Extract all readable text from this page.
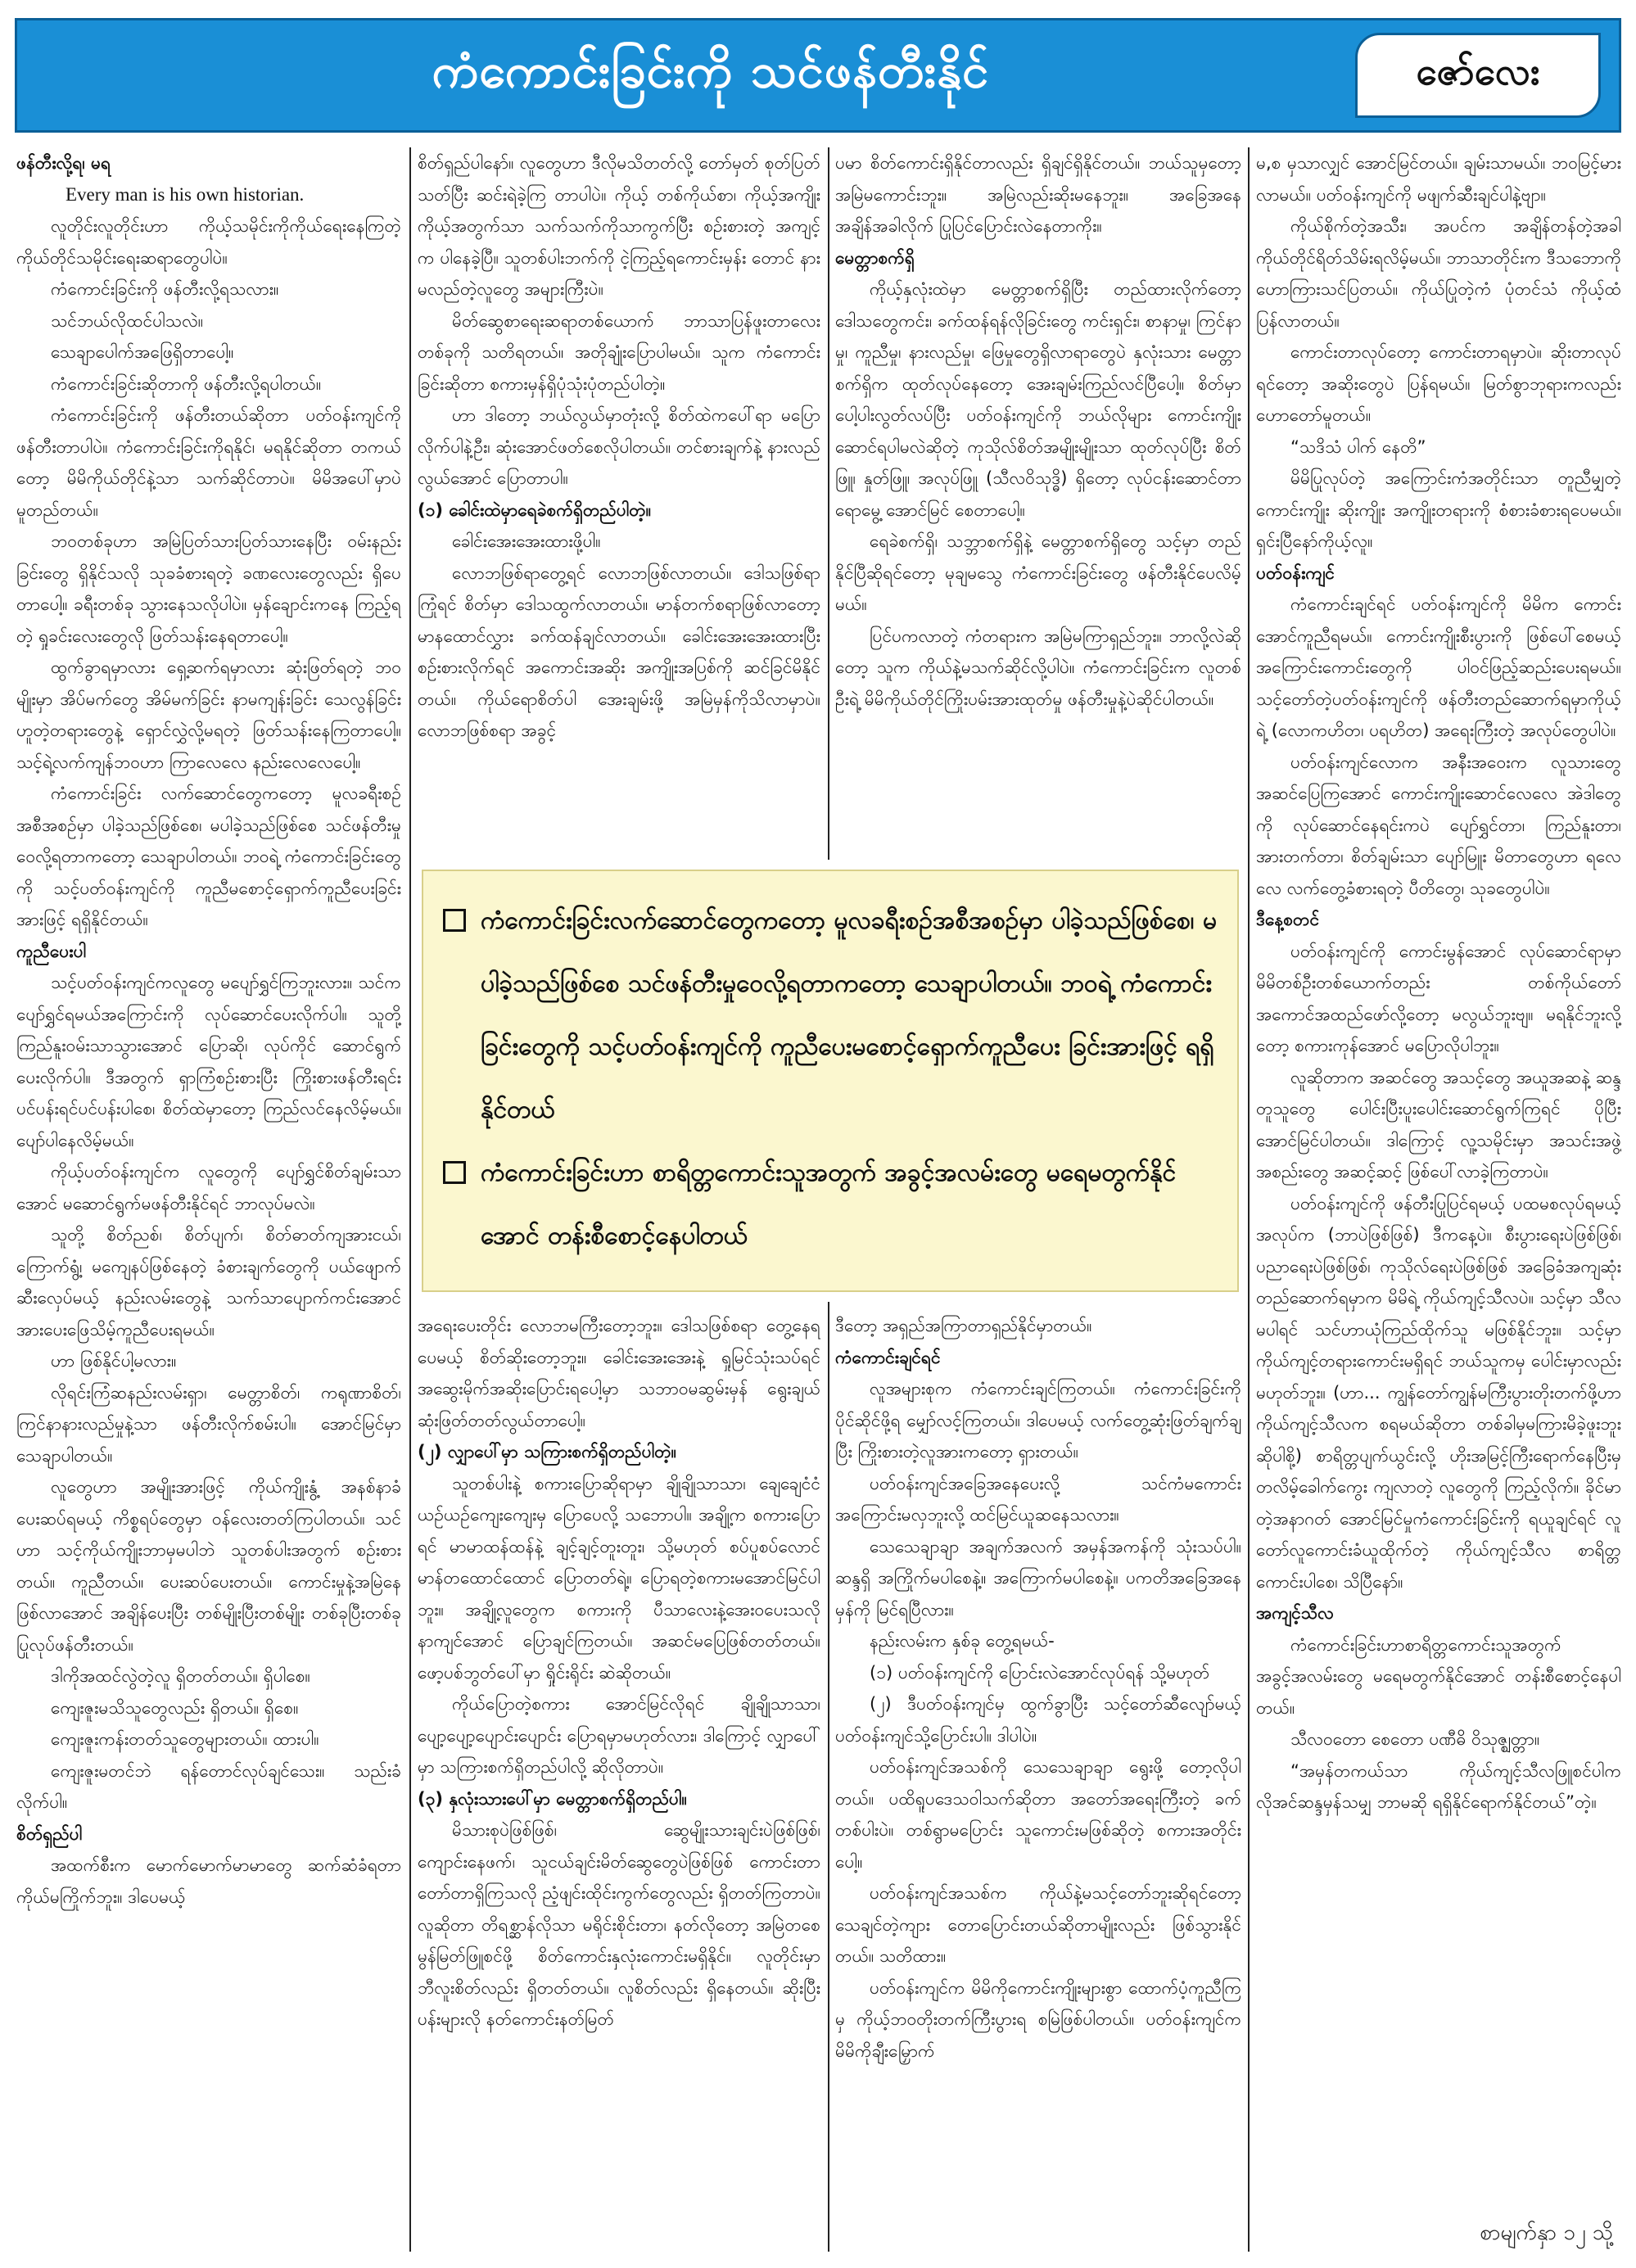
ကံကောင်းခြင်းကို သင်ဖန်တီးနိုင်	ဇော်လေး

ဖန်တီးလို့ရ၊ မရ

Every man is his own historian.

လူတိုင်းလူတိုင်းဟာ ကိုယ့်သမိုင်းကိုကိုယ်ရေးနေကြတဲ့ ကိုယ်တိုင်သမိုင်းရေးဆရာတွေပါပဲ။

ကံကောင်းခြင်းကို ဖန်တီးလို့ရသလား။

သင်ဘယ်လိုထင်ပါသလဲ။

သေချာပေါက်အဖြေရှိတာပေါ့။

ကံကောင်းခြင်းဆိုတာကို ဖန်တီးလို့ရပါတယ်။

ကံကောင်းခြင်းကို ဖန်တီးတယ်ဆိုတာ ပတ်ဝန်းကျင်ကို ဖန်တီးတာပါပဲ။ ကံကောင်းခြင်းကိုရနိုင်၊ မရနိုင်ဆိုတာ တကယ်တော့ မိမိကိုယ်တိုင်နဲ့သာ သက်ဆိုင်တာပဲ။ မိမိအပေါ်မှာပဲ မူတည်တယ်။

ဘဝတစ်ခုဟာ အမြဲပြတ်သားပြတ်သားနေပြီး ဝမ်းနည်းခြင်းတွေ ရှိနိုင်သလို သုခခံစားရတဲ့ ခဏလေးတွေလည်း ရှိပေတာပေါ့။ ခရီးတစ်ခု သွားနေသလိုပါပဲ။ မှန်ချောင်းကနေ ကြည့်ရတဲ့ ရှုခင်းလေးတွေလို ဖြတ်သန်းနေရတာပေါ့။

ထွက်ခွာရမှာလား ရှေ့ဆက်ရမှာလား ဆုံးဖြတ်ရတဲ့ ဘဝမျိုးမှာ အိပ်မက်တွေ အိမ်မက်ခြင်း နာမကျန်းခြင်း သေလွန်ခြင်း ဟူတဲ့တရားတွေနဲ့ ရှောင်လွှဲလို့မရတဲ့ ဖြတ်သန်းနေကြတာပေါ့။ သင့်ရဲ့လက်ကျန်ဘဝဟာ ကြာလေလေ နည်းလေလေပေါ့။

ကံကောင်းခြင်း လက်ဆောင်တွေကတော့ မူလခရီးစဉ်အစီအစဉ်မှာ ပါခဲ့သည်ဖြစ်စေ၊ မပါခဲ့သည်ဖြစ်စေ သင်ဖန်တီးမှုဝေလို့ရတာကတော့ သေချာပါတယ်။ ဘဝရဲ့ ကံကောင်းခြင်းတွေကို သင့်ပတ်ဝန်းကျင်ကို ကူညီမစောင့်ရှောက်ကူညီပေးခြင်းအားဖြင့် ရရှိနိုင်တယ်။

ကူညီပေးပါ

သင့်ပတ်ဝန်းကျင်ကလူတွေ မပျော်ရွှင်ကြဘူးလား။ သင်ကပျော်ရွှင်ရမယ်အကြောင်းကို လုပ်ဆောင်ပေးလိုက်ပါ။ သူတို့ ကြည်နူးဝမ်းသာသွားအောင် ပြောဆို၊ လုပ်ကိုင် ဆောင်ရွက်ပေးလိုက်ပါ။ ဒီအတွက် ရှာကြံစဉ်းစားပြီး ကြိုးစားဖန်တီးရင်း ပင်ပန်းရင်ပင်ပန်းပါစေ၊ စိတ်ထဲမှာတော့ ကြည်လင်နေလိမ့်မယ်။ ပျော်ပါနေလိမ့်မယ်။

ကိုယ့်ပတ်ဝန်းကျင်က လူတွေကို ပျော်ရွှင်စိတ်ချမ်းသာအောင် မဆောင်ရွက်မဖန်တီးနိုင်ရင် ဘာလုပ်မလဲ။

သူတို့ စိတ်ညစ်၊ စိတ်ပျက်၊ စိတ်ဓာတ်ကျအားငယ်၊ ကြောက်ရွံ့၊ မကျေနပ်ဖြစ်နေတဲ့ ခံစားချက်တွေကို ပယ်ဖျောက်ဆီးလှေပ်မယ့် နည်းလမ်းတွေနဲ့ သက်သာပျောက်ကင်းအောင် အားပေးဖြေသိမ့်ကူညီပေးရမယ်။

ဟာ ဖြစ်နိုင်ပါ့မလား။

လိုရင်းကြံဆနည်းလမ်းရှာ၊ မေတ္တာစိတ်၊ ကရုဏာစိတ်၊ ကြင်နာနားလည်မှုနဲ့သာ ဖန်တီးလိုက်စမ်းပါ။ အောင်မြင်မှာသေချာပါတယ်။

လူတွေဟာ အမျိုးအားဖြင့် ကိုယ်ကျိုးနွံ့ အနစ်နာခံ ပေးဆပ်ရမယ့် ကိစ္စရပ်တွေမှာ ဝန်လေးတတ်ကြပါတယ်။ သင်ဟာ သင့်ကိုယ်ကျိုးဘာမှမပါဘဲ သူတစ်ပါးအတွက် စဉ်းစားတယ်။ ကူညီတယ်။ ပေးဆပ်ပေးတယ်။ ကောင်းမှုနဲ့အမြဲနေဖြစ်လာအောင် အချိန်ပေးပြီး တစ်မျိုးပြီးတစ်မျိုး တစ်ခုပြီးတစ်ခု ပြုလုပ်ဖန်တီးတယ်။

ဒါကိုအထင်လွဲတဲ့လူ ရှိတတ်တယ်။ ရှိပါစေ။

ကျေးဇူးမသိသူတွေလည်း ရှိတယ်။ ရှိစေ။

ကျေးဇူးကန်းတတ်သူတွေများတယ်။ ထားပါ။

ကျေးဇူးမတင်ဘဲ ရန်တောင်လုပ်ချင်သေး။ သည်းခံလိုက်ပါ။

စိတ်ရှည်ပါ

အထက်စီးက မောက်မောက်မာမာတွေ ဆက်ဆံခံရတာကိုယ်မကြိုက်ဘူး။ ဒါပေမယ့်

စိတ်ရှည်ပါနော်။ လူတွေဟာ ဒီလိုမသိတတ်လို့ တော်မှတ် စုတ်ပြတ်သတ်ပြီး ဆင်းရဲခဲ့ကြ တာပါပဲ။ ကိုယ့် တစ်ကိုယ်စာ၊ ကိုယ့်အကျိုး ကိုယ့်အတွက်သာ သက်သက်ကိုသာကွက်ပြီး စဉ်းစားတဲ့ အကျင့်က ပါနေခဲ့ပြီ။ သူတစ်ပါးဘက်ကို ငဲ့ကြည့်ရကောင်းမှန်း တောင် နားမလည်တဲ့လူတွေ အများကြီးပဲ။

မိတ်ဆွေစာရေးဆရာတစ်ယောက် ဘာသာပြန်ဖူးတာလေးတစ်ခုကို သတိရတယ်။ အတိုချုံးပြောပါမယ်။ သူက ကံကောင်းခြင်းဆိုတာ စကားမှန်ရှိပုံသုံးပုံတည်ပါတဲ့။

ဟာ ဒါတော့ ဘယ်လွယ်မှာတုံးလို့ စိတ်ထဲကပေါ်ရာ မပြောလိုက်ပါနဲ့ဦး၊ ဆုံးအောင်ဖတ်စေလိုပါတယ်။ တင်စားချက်နဲ့ နားလည်လွယ်အောင် ပြောတာပါ။

(၁) ခေါင်းထဲမှာရေခဲစက်ရှိတည်ပါတဲ့။

ခေါင်းအေးအေးထားဖို့ပါ။

လောဘဖြစ်ရာတွေ့ရင် လောဘဖြစ်လာတယ်။ ဒေါသဖြစ်ရာကြုံရင် စိတ်မှာ ဒေါသထွက်လာတယ်။ မာန်တက်စရာဖြစ်လာတော့ မာနထောင်လွှား ခက်ထန်ချင်လာတယ်။ ခေါင်းအေးအေးထားပြီး စဉ်းစားလိုက်ရင် အကောင်းအဆိုး အကျိုးအပြစ်ကို ဆင်ခြင်မိနိုင်တယ်။ ကိုယ်ရောစိတ်ပါ အေးချမ်းဖို့ အမြဲမှန်ကိုသိလာမှာပဲ။ လောဘဖြစ်စရာ အခွင့်

ပမာ စိတ်ကောင်းရှိနိုင်တာလည်း ရှိချင်ရှိနိုင်တယ်။ ဘယ်သူမှတော့ အမြဲမကောင်းဘူး။ အမြဲလည်းဆိုးမနေဘူး။ အခြေအနေ အချိန်အခါလိုက် ပြုပြင်ပြောင်းလဲနေတာကိုး။

မေတ္တာစက်ရှိ

ကိုယ့်နှလုံးထဲမှာ မေတ္တာစက်ရှိပြီး တည်ထားလိုက်တော့ ဒေါသတွေကင်း၊ ခက်ထန်ရန်လိုခြင်းတွေ ကင်းရှင်း၊ စာနာမှု၊ ကြင်နာမှု၊ ကူညီမှု၊ နားလည်မှု၊ ဖြေမှုတွေရှိလာရာတွေပဲ နှလုံးသား မေတ္တာစက်ရှိက ထုတ်လုပ်နေတော့ အေးချမ်းကြည်လင်ပြီပေါ့။ စိတ်မှာ ပေါ့ပါးလွတ်လပ်ပြီး ပတ်ဝန်းကျင်ကို ဘယ်လိုများ ကောင်းကျိုးဆောင်ရပါမလဲဆိုတဲ့ ကုသိုလ်စိတ်အမျိုးမျိုးသာ ထုတ်လုပ်ပြီး စိတ်ဖြူ၊ နှုတ်ဖြူ၊ အလုပ်ဖြူ (သီလဝိသုဒ္ဓိ) ရှိတော့ လုပ်ငန်းဆောင်တာရောမွေ့ အောင်မြင် စေတာပေါ့။

ရေခဲစက်ရှိ၊ သဘ္ဘာစက်ရှိနဲ့ မေတ္တာစက်ရှိတွေ သင့်မှာ တည်နိုင်ပြီဆိုရင်တော့ မုချမသွေ ကံကောင်းခြင်းတွေ ဖန်တီးနိုင်ပေလိမ့်မယ်။

ပြင်ပကလာတဲ့ ကံတရားက အမြဲမကြာရှည်ဘူး။ ဘာလို့လဲဆိုတော့ သူက ကိုယ်နဲ့မသက်ဆိုင်လို့ပါပဲ။ ကံကောင်းခြင်းက လူတစ်ဦးရဲ့ မိမိကိုယ်တိုင်ကြိုးပမ်းအားထုတ်မှု ဖန်တီးမှုနဲ့ပဲဆိုင်ပါတယ်။

ကံကောင်းခြင်းလက်ဆောင်တွေကတော့ မူလခရီးစဉ်အစီအစဉ်မှာ ပါခဲ့သည်ဖြစ်စေ၊ မပါခဲ့သည်ဖြစ်စေ သင်ဖန်တီးမှုဝေလို့ရတာကတော့ သေချာပါတယ်။ ဘဝရဲ့ ကံကောင်းခြင်းတွေကို သင့်ပတ်ဝန်းကျင်ကို ကူညီပေးမစောင့်ရှောက်ကူညီပေး ခြင်းအားဖြင့် ရရှိနိုင်တယ်
ကံကောင်းခြင်းဟာ စာရိတ္တကောင်းသူအတွက် အခွင့်အလမ်းတွေ မရေမတွက်နိုင် အောင် တန်းစီစောင့်နေပါတယ်

အရေးပေးတိုင်း လောဘမကြီးတော့ဘူး။ ဒေါသဖြစ်စရာ တွေ့နေရပေမယ့် စိတ်ဆိုးတော့ဘူး။ ခေါင်းအေးအေးနဲ့ ရှုမြင်သုံးသပ်ရင် အဆွေးမိုက်အဆိုးပြောင်းရပေါ့မှာ သဘာဝမဆွမ်းမှန် ရွေးချယ်ဆုံးဖြတ်တတ်လွယ်တာပေါ့။

(၂) လျှာပေါ်မှာ သကြားစက်ရှိတည်ပါတဲ့။

သူတစ်ပါးနဲ့ စကားပြောဆိုရာမှာ ချိုချိုသာသာ၊ ချေချေငံငံ ယဉ်ယဉ်ကျေးကျေးမှ ပြောပေလို့ သဘောပါ။ အချို့က စကားပြောရင် မာမာထန်ထန်နဲ့ ချင့်ချင့်တူးတူး၊ သို့မဟုတ် စပ်ပူစပ်လောင် မာန်တထောင်ထောင် ပြောတတ်ရဲ့။ ပြောရတဲ့စကားမအောင်မြင်ပါဘူး။ အချို့လူတွေက စကားကို ပီသာလေးနဲ့အေးဝပေးသလို နာကျင်အောင် ပြောချင်ကြတယ်။ အဆင်မပြေဖြစ်တတ်တယ်။ ဖော့ပစ်ဘွတ်ပေါ်မှာ ရှိုင်းရိုင်း ဆဲဆိုတယ်။

ကိုယ်ပြောတဲ့စကား အောင်မြင်လိုရင် ချိုချိုသာသာ၊ ပျော့ပျော့ပျောင်းပျောင်း ပြောရမှာမဟုတ်လား၊ ဒါကြောင့် လျှာပေါ်မှာ သကြားစက်ရှိတည်ပါလို့ ဆိုလိုတာပဲ။

(၃) နှလုံးသားပေါ်မှာ မေတ္တာစက်ရှိတည်ပါ။

မိသားစုပဲဖြစ်ဖြစ်၊ ဆွေမျိုးသားချင်းပဲဖြစ်ဖြစ်၊ ကျောင်းနေဖက်၊ သူငယ်ချင်းမိတ်ဆွေတွေပဲဖြစ်ဖြစ် ကောင်းတာတော်တာရှိကြသလို ညံ့ဖျင်းထိုင်းကွက်တွေလည်း ရှိတတ်ကြတာပဲ။ လူဆိုတာ တိရစ္ဆာန်လိုသာ မရိုင်းစိုင်းတာ၊ နတ်လိုတော့ အမြဲတစေမွန်မြတ်ဖြူစင်ဖို့ စိတ်ကောင်းနှလုံးကောင်းမရှိနိုင်။ လူတိုင်းမှာ ဘီလူးစိတ်လည်း ရှိတတ်တယ်။ လူစိတ်လည်း ရှိနေတယ်။ ဆိုးပြီးပန်းများလို နတ်ကောင်းနတ်မြတ်

ဒီတော့ အရှည်အကြာတာရှည်နိုင်မှာတယ်။

ကံကောင်းချင်ရင်

လူအများစုက ကံကောင်းချင်ကြတယ်။ ကံကောင်းခြင်းကို ပိုင်ဆိုင်ဖို့ရ မျှော်လင့်ကြတယ်။ ဒါပေမယ့် လက်တွေ့ဆုံးဖြတ်ချက်ချပြီး ကြိုးစားတဲ့လူအားကတော့ ရှားတယ်။

ပတ်ဝန်းကျင်အခြေအနေပေးလို့ သင်ကံမကောင်း အကြောင်းမလှဘူးလို့ ထင်မြင်ယူဆနေသလား။

သေသေချာချာ အချက်အလက် အမှန်အကန်ကို သုံးသပ်ပါ။ ဆန္ဒရှိ အကြိုက်မပါစေနဲ့။ အကြောက်မပါစေနဲ့။ ပကတိအခြေအနေမှန်ကို မြင်ရပြီလား။

နည်းလမ်းက နှစ်ခု တွေ့ရမယ်-

(၁) ပတ်ဝန်းကျင်ကို ပြောင်းလဲအောင်လုပ်ရန် သို့မဟုတ်

(၂) ဒီပတ်ဝန်းကျင်မှ ထွက်ခွာပြီး သင့်တော်ဆီလျော်မယ့် ပတ်ဝန်းကျင်သို့ပြောင်းပါ။ ဒါပါပဲ။

ပတ်ဝန်းကျင်အသစ်ကို သေသေချာချာ ရွေးဖို့ တော့လိုပါတယ်။ ပထိရူပဒေသဝါသက်ဆိုတာ အတော်အရေးကြီးတဲ့ ခက်တစ်ပါးပဲ။ တစ်ရွာမပြောင်း သူကောင်းမဖြစ်ဆိုတဲ့ စကားအတိုင်းပေါ့။

ပတ်ဝန်းကျင်အသစ်က ကိုယ်နဲ့မသင့်တော်ဘူးဆိုရင်တော့ သေချင်တဲ့ကျား တောပြောင်းတယ်ဆိုတာမျိုးလည်း ဖြစ်သွားနိုင်တယ်။ သတိထား။

ပတ်ဝန်းကျင်က မိမိကိုကောင်းကျိုးများစွာ ထောက်ပံ့ကူညီကြမှ ကိုယ့်ဘဝတိုးတက်ကြီးပွားရ စမြဲဖြစ်ပါတယ်။ ပတ်ဝန်းကျင်က မိမိကိုချီးမြှောက်

မ,စ မှသာလျှင် အောင်မြင်တယ်။ ချမ်းသာမယ်။ ဘဝမြင့်မားလာမယ်။ ပတ်ဝန်းကျင်ကို မဖျက်ဆီးချင်ပါနဲ့ဗျာ။

ကိုယ်စိုက်တဲ့အသီး၊ အပင်က အချိန်တန်တဲ့အခါ ကိုယ်တိုင်ရိတ်သိမ်းရလိမ့်မယ်။ ဘာသာတိုင်းက ဒီသဘောကို ဟောကြားသင်ပြတယ်။ ကိုယ်ပြုတဲ့ကံ ပုံတင်သံ ကိုယ့်ထံပြန်လာတယ်။

ကောင်းတာလုပ်တော့ ကောင်းတာရမှာပဲ။ ဆိုးတာလုပ်ရင်တော့ အဆိုးတွေပဲ ပြန်ရမယ်။ မြတ်စွာဘုရားကလည်း ဟောတော်မူတယ်။

“သဒိသံ ပါက် နေတိ”

မိမိပြုလုပ်တဲ့ အကြောင်းကံအတိုင်းသာ တူညီမျှတဲ့ ကောင်းကျိုး ဆိုးကျိုး အကျိုးတရားကို စံစားခံစားရပေမယ်။ ရှင်းပြီနော်ကိုယ့်လူ။

ပတ်ဝန်းကျင်

ကံကောင်းချင်ရင် ပတ်ဝန်းကျင်ကို မိမိက ကောင်းအောင်ကူညီရမယ်။ ကောင်းကျိုးစီးပွားကို ဖြစ်ပေါ်စေမယ့် အကြောင်းကောင်းတွေကို ပါဝင်ဖြည့်ဆည်းပေးရမယ်။ သင့်တော်တဲ့ပတ်ဝန်းကျင်ကို ဖန်တီးတည်ဆောက်ရမှာကိုယ့်ရဲ့ (လောကဟိတ၊ ပရဟိတ) အရေးကြီးတဲ့ အလုပ်တွေပါပဲ။

ပတ်ဝန်းကျင်လောက အနီးအဝေးက လူသားတွေ အဆင်ပြေကြအောင် ကောင်းကျိုးဆောင်လေလေ အဲဒါတွေကို လုပ်ဆောင်နေရင်းကပဲ ပျော်ရွှင်တာ၊ ကြည်နူးတာ၊ အားတက်တာ၊ စိတ်ချမ်းသာ ပျော်မြူး မိတာတွေဟာ ရလေလေ လက်တွေ့ခံစားရတဲ့ ပီတိတွေ၊ သုခတွေပါပဲ။

ဒီနေ့စတင်

ပတ်ဝန်းကျင်ကို ကောင်းမွန်အောင် လုပ်ဆောင်ရာမှာ မိမိတစ်ဦးတစ်ယောက်တည်း တစ်ကိုယ်တော် အကောင်အထည်ဖော်လို့တော့ မလွယ်ဘူးဗျ။ မရနိုင်ဘူးလို့တော့ စကားကုန်အောင် မပြောလိုပါဘူး။

လူဆိုတာက အဆင်တွေ အသင့်တွေ အယူအဆနဲ့ ဆန္ဒတူသူတွေ ပေါင်းပြီးပူးပေါင်းဆောင်ရွက်ကြရင် ပိုပြီးအောင်မြင်ပါတယ်။ ဒါကြောင့် လူ့သမိုင်းမှာ အသင်းအဖွဲ့ အစည်းတွေ အဆင့်ဆင့် ဖြစ်ပေါ်လာခဲ့ကြတာပဲ။

ပတ်ဝန်းကျင်ကို ဖန်တီးပြုပြင်ရမယ့် ပထမစလုပ်ရမယ့်အလုပ်က (ဘာပဲဖြစ်ဖြစ်) ဒီကနေ့ပဲ။ စီးပွားရေးပဲဖြစ်ဖြစ်၊ ပညာရေးပဲဖြစ်ဖြစ်၊ ကုသိုလ်ရေးပဲဖြစ်ဖြစ် အခြေခံအကျဆုံး တည်ဆောက်ရမှာက မိမိရဲ့ ကိုယ်ကျင့်သီလပဲ။ သင့်မှာ သီလမပါရင် သင်ဟာယုံကြည်ထိုက်သူ မဖြစ်နိုင်ဘူး။ သင့်မှာ ကိုယ်ကျင့်တရားကောင်းမရှိရင် ဘယ်သူကမှ ပေါင်းမှာလည်း မဟုတ်ဘူး။ (ဟာ... ကျွန်တော်ကျွန်မကြီးပွားတိုးတက်ဖို့ဟာ ကိုယ်ကျင့်သီလက စရမယ်ဆိုတာ တစ်ခါမှမကြားမိခဲ့ဖူးဘူး ဆိုပါစို့) စာရိတ္တပျက်ယွင်းလို့ ဟိုးအမြင့်ကြီးရောက်နေပြီးမှ တလိမ့်ခေါက်ကွေး ကျလာတဲ့ လူတွေကို ကြည့်လိုက်။ ခိုင်မာတဲ့အနာဂတ် အောင်မြင်မှုကံကောင်းခြင်းကို ရယူချင်ရင် လူတော်လူကောင်းခံယူထိုက်တဲ့ ကိုယ်ကျင့်သီလ စာရိတ္တကောင်းပါစေ၊ သိပြီနော်။

အကျင့်သီလ

ကံကောင်းခြင်းဟာစာရိတ္တကောင်းသူအတွက် အခွင့်အလမ်းတွေ မရေမတွက်နိုင်အောင် တန်းစီစောင့်နေပါတယ်။

သီလဝတော စေတော ပဏီဓိ ဝိသုဇ္ဈတ္တာ။

“အမှန်တကယ်သာ ကိုယ်ကျင့်သီလဖြူစင်ပါက လိုအင်ဆန္ဒမှန်သမျှ ဘာမဆို ရရှိနိုင်ရောက်နိုင်တယ်”တဲ့။

စာမျက်နှာ ၁၂ သို့
